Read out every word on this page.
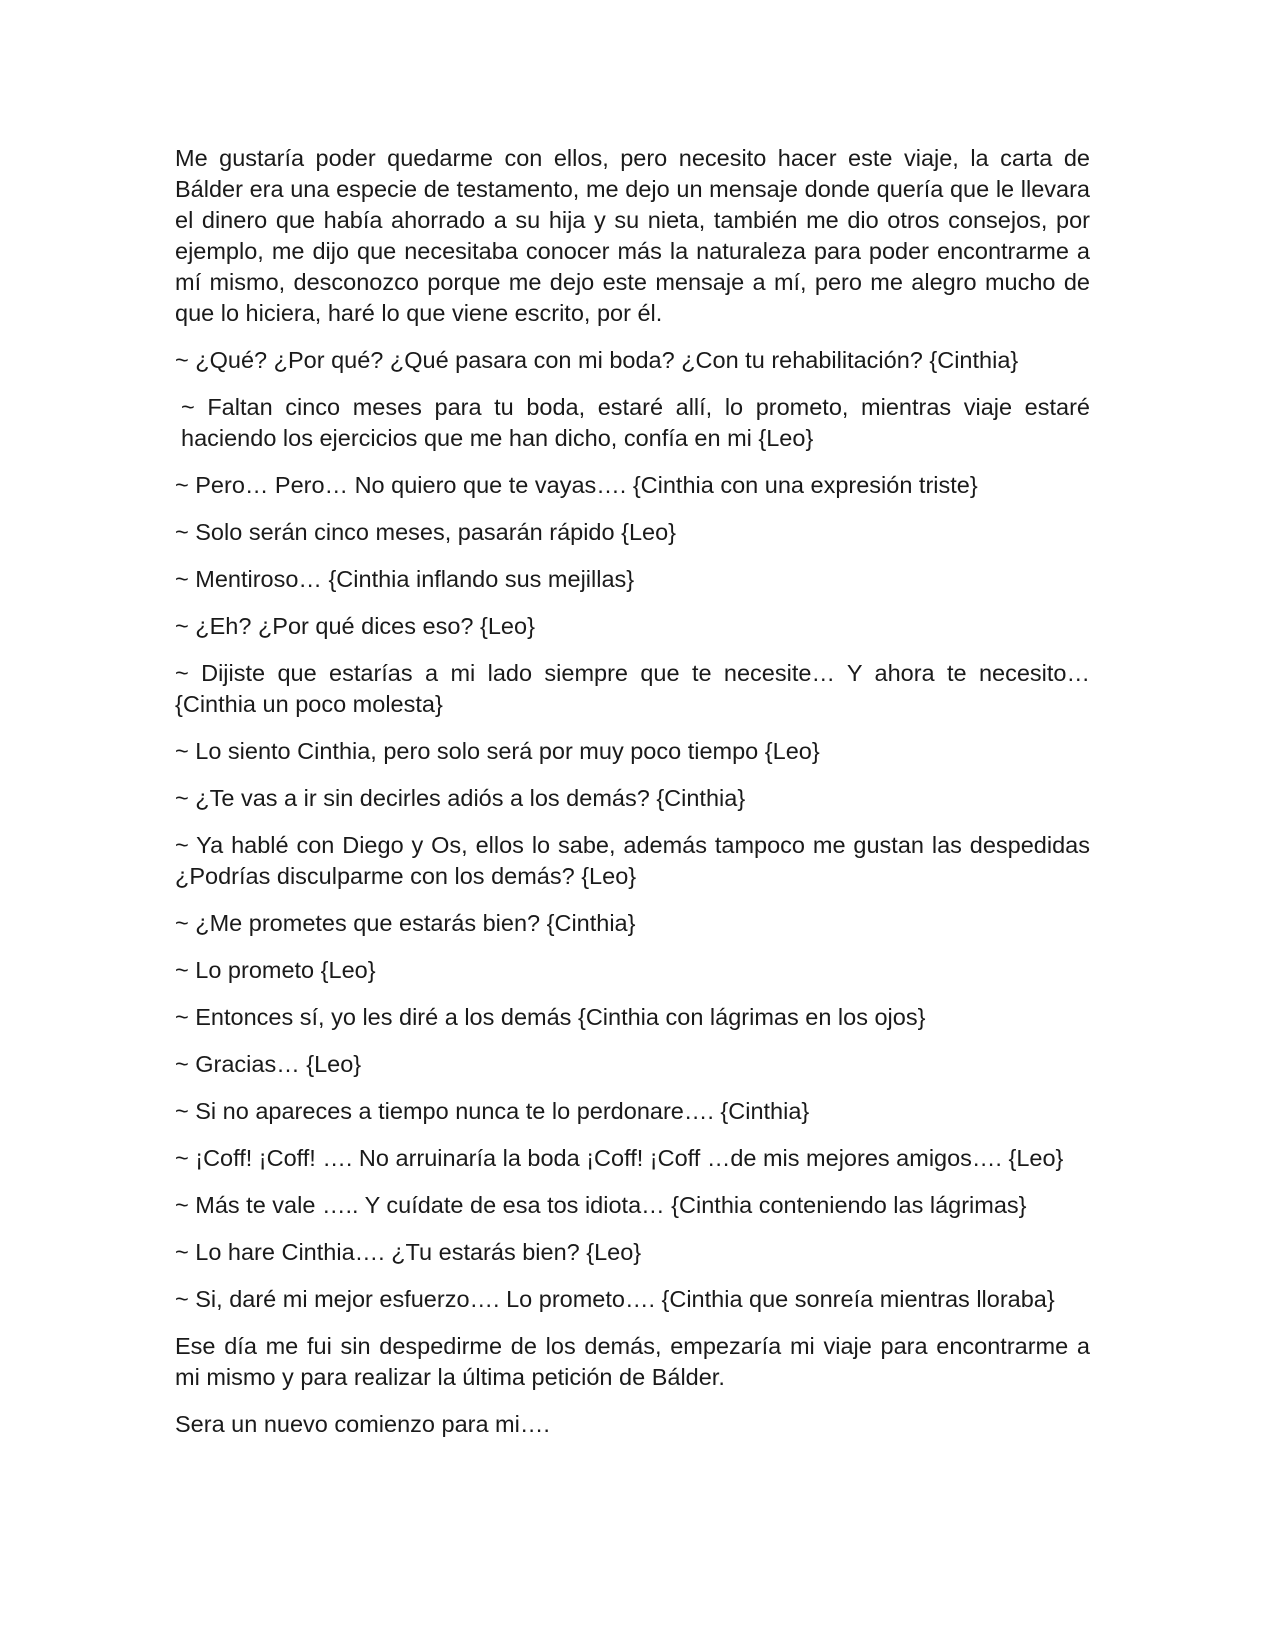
Me gustaría poder quedarme con ellos, pero necesito hacer este viaje, la carta de Bálder era una especie de testamento, me dejo un mensaje donde quería que le llevara el dinero que había ahorrado a su hija y su nieta, también me dio otros consejos, por ejemplo, me dijo que necesitaba conocer más la naturaleza para poder encontrarme a mí mismo, desconozco porque me dejo este mensaje a mí, pero me alegro mucho de que lo hiciera, haré lo que viene escrito, por él.

~ ¿Qué? ¿Por qué? ¿Qué pasara con mi boda? ¿Con tu rehabilitación? {Cinthia}

~ Faltan cinco meses para tu boda, estaré allí, lo prometo, mientras viaje estaré haciendo los ejercicios que me han dicho, confía en mi {Leo}

~ Pero… Pero… No quiero que te vayas…. {Cinthia con una expresión triste}

~ Solo serán cinco meses, pasarán rápido {Leo}

~ Mentiroso… {Cinthia inflando sus mejillas}

~ ¿Eh? ¿Por qué dices eso? {Leo}

~ Dijiste que estarías a mi lado siempre que te necesite… Y ahora te necesito… {Cinthia un poco molesta}

~ Lo siento Cinthia, pero solo será por muy poco tiempo {Leo}

~ ¿Te vas a ir sin decirles adiós a los demás? {Cinthia}

~ Ya hablé con Diego y Os, ellos lo sabe, además tampoco me gustan las despedidas ¿Podrías disculparme con los demás? {Leo}

~ ¿Me prometes que estarás bien? {Cinthia}

~ Lo prometo {Leo}

~ Entonces sí, yo les diré a los demás {Cinthia con lágrimas en los ojos}

~ Gracias… {Leo}

~ Si no apareces a tiempo nunca te lo perdonare…. {Cinthia}

~ ¡Coff! ¡Coff! …. No arruinaría la boda ¡Coff! ¡Coff …de mis mejores amigos…. {Leo}

~ Más te vale ….. Y cuídate de esa tos idiota… {Cinthia conteniendo las lágrimas}

~ Lo hare Cinthia…. ¿Tu estarás bien? {Leo}

~ Si, daré mi mejor esfuerzo…. Lo prometo…. {Cinthia que sonreía mientras lloraba}

Ese día me fui sin despedirme de los demás, empezaría mi viaje para encontrarme a mi mismo y para realizar la última petición de Bálder.

Sera un nuevo comienzo para mi….
